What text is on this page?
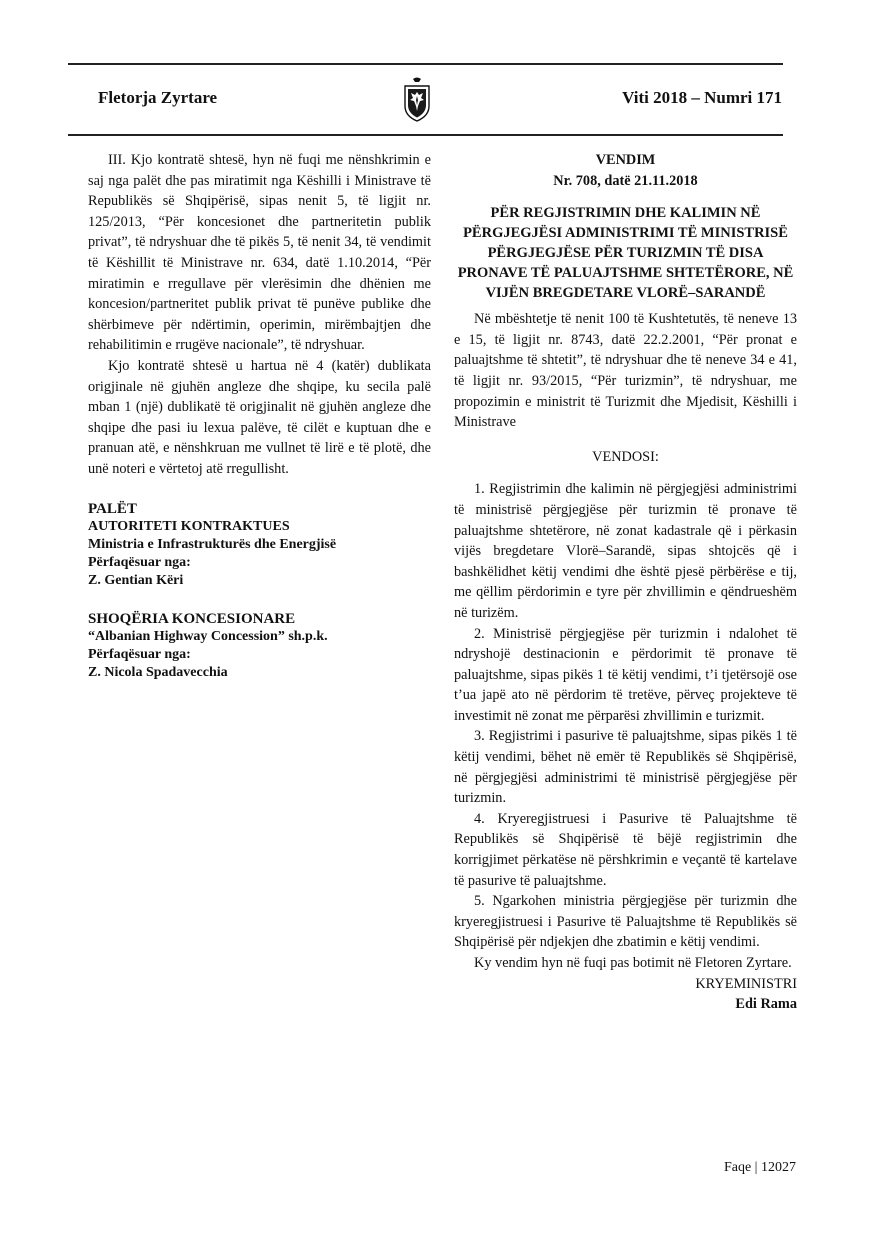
Fletorja Zyrtare	Viti 2018 – Numri 171

III. Kjo kontratë shtesë, hyn në fuqi me nënshkrimin e saj nga palët dhe pas miratimit nga Këshilli i Ministrave të Republikës së Shqipërisë, sipas nenit 5, të ligjit nr. 125/2013, “Për koncesionet dhe partneritetin publik privat”, të ndryshuar dhe të pikës 5, të nenit 34, të vendimit të Këshillit të Ministrave nr. 634, datë 1.10.2014, “Për miratimin e rregullave për vlerësimin dhe dhënien me koncesion/partneritet publik privat të punëve publike dhe shërbimeve për ndërtimin, operimin, mirëmbajtjen dhe rehabilitimin e rrugëve nacionale”, të ndryshuar.

Kjo kontratë shtesë u hartua në 4 (katër) dublikata origjinale në gjuhën angleze dhe shqipe, ku secila palë mban 1 (një) dublikatë të origjinalit në gjuhën angleze dhe shqipe dhe pasi iu lexua palëve, të cilët e kuptuan dhe e pranuan atë, e nënshkruan me vullnet të lirë e të plotë, dhe unë noteri e vërtetoj atë rregullisht.

PALËT
AUTORITETI KONTRAKTUES
Ministria e Infrastrukturës dhe Energjisë
Përfaqësuar nga:
Z. Gentian Këri
SHOQËRIA KONCESIONARE
“Albanian Highway Concession” sh.p.k.
Përfaqësuar nga:
Z. Nicola Spadavecchia

VENDIM

Nr. 708, datë 21.11.2018

PËR REGJISTRIMIN DHE KALIMIN NË PËRGJEGJËSI ADMINISTRIMI TË MINISTRISË PËRGJEGJËSE PËR TURIZMIN TË DISA PRONAVE TË PALUAJTSHME SHTETËRORE, NË VIJËN BREGDETARE VLORË–SARANDË

Në mbështetje të nenit 100 të Kushtetutës, të neneve 13 e 15, të ligjit nr. 8743, datë 22.2.2001, “Për pronat e paluajtshme të shtetit”, të ndryshuar dhe të neneve 34 e 41, të ligjit nr. 93/2015, “Për turizmin”, të ndryshuar, me propozimin e ministrit të Turizmit dhe Mjedisit, Këshilli i Ministrave

VENDOSI:

1. Regjistrimin dhe kalimin në përgjegjësi administrimi të ministrisë përgjegjëse për turizmin të pronave të paluajtshme shtetërore, në zonat kadastrale që i përkasin vijës bregdetare Vlorë–Sarandë, sipas shtojcës që i bashkëlidhet këtij vendimi dhe është pjesë përbërëse e tij, me qëllim përdorimin e tyre për zhvillimin e qëndrueshëm në turizëm.

2. Ministrisë përgjegjëse për turizmin i ndalohet të ndryshojë destinacionin e përdorimit të pronave të paluajtshme, sipas pikës 1 të këtij vendimi, t’i tjetërsojë ose t’ua japë ato në përdorim të tretëve, përveç projekteve të investimit në zonat me përparësi zhvillimin e turizmit.

3. Regjistrimi i pasurive të paluajtshme, sipas pikës 1 të këtij vendimi, bëhet në emër të Republikës së Shqipërisë, në përgjegjësi administrimi të ministrisë përgjegjëse për turizmin.

4. Kryeregjistruesi i Pasurive të Paluajtshme të Republikës së Shqipërisë të bëjë regjistrimin dhe korrigjimet përkatëse në përshkrimin e veçantë të kartelave të pasurive të paluajtshme.

5. Ngarkohen ministria përgjegjëse për turizmin dhe kryeregjistruesi i Pasurive të Paluajtshme të Republikës së Shqipërisë për ndjekjen dhe zbatimin e këtij vendimi.

Ky vendim hyn në fuqi pas botimit në Fletoren Zyrtare.

KRYEMINISTRI

Edi Rama

Faqe | 12027
